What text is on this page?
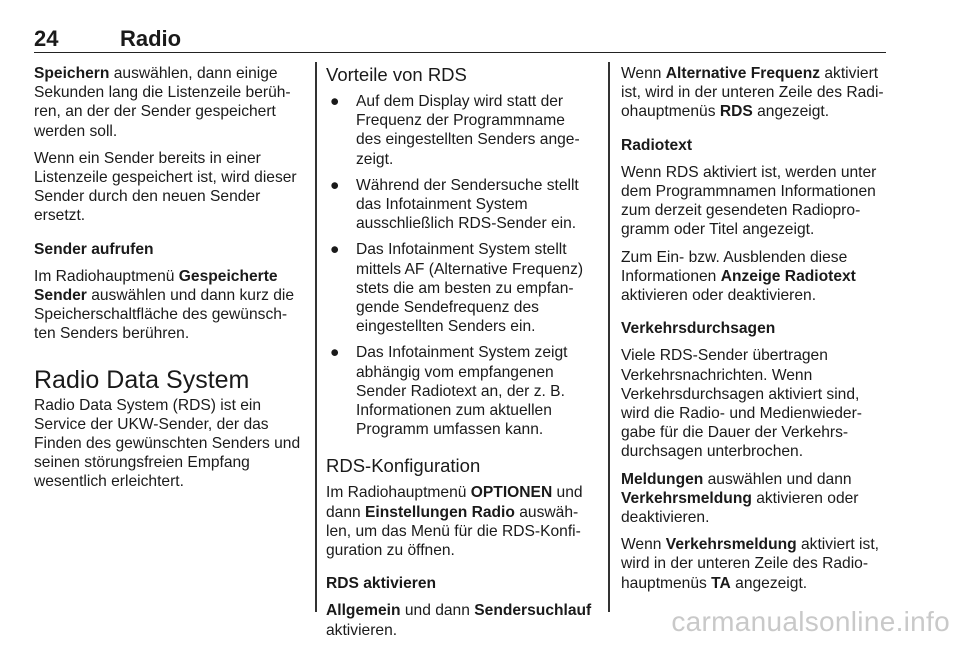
24	Radio

Speichern auswählen, dann einige Sekunden lang die Listenzeile berühren, an der der Sender gespeichert werden soll.

Wenn ein Sender bereits in einer Listenzeile gespeichert ist, wird dieser Sender durch den neuen Sender ersetzt.

Sender aufrufen

Im Radiohauptmenü Gespeicherte Sender auswählen und dann kurz die Speicherschaltfläche des gewünschten Senders berühren.

Radio Data System

Radio Data System (RDS) ist ein Service der UKW-Sender, der das Finden des gewünschten Senders und seinen störungsfreien Empfang wesentlich erleichtert.

Vorteile von RDS
● Auf dem Display wird statt der Frequenz der Programmname des eingestellten Senders angezeigt.
● Während der Sendersuche stellt das Infotainment System ausschließlich RDS-Sender ein.
● Das Infotainment System stellt mittels AF (Alternative Frequenz) stets die am besten zu empfangende Sendefrequenz des eingestellten Senders ein.
● Das Infotainment System zeigt abhängig vom empfangenen Sender Radiotext an, der z. B. Informationen zum aktuellen Programm umfassen kann.
RDS-Konfiguration

Im Radiohauptmenü OPTIONEN und dann Einstellungen Radio auswählen, um das Menü für die RDS-Konfiguration zu öffnen.

RDS aktivieren

Allgemein und dann Sendersuchlauf aktivieren.

Wenn Alternative Frequenz aktiviert ist, wird in der unteren Zeile des Radiohauptmenüs RDS angezeigt.

Radiotext

Wenn RDS aktiviert ist, werden unter dem Programmnamen Informationen zum derzeit gesendeten Radioprogramm oder Titel angezeigt.

Zum Ein- bzw. Ausblenden diese Informationen Anzeige Radiotext aktivieren oder deaktivieren.

Verkehrsdurchsagen

Viele RDS-Sender übertragen Verkehrsnachrichten. Wenn Verkehrsdurchsagen aktiviert sind, wird die Radio- und Medienwiedergabe für die Dauer der Verkehrsdurchsagen unterbrochen.

Meldungen auswählen und dann Verkehrsmeldung aktivieren oder deaktivieren.

Wenn Verkehrsmeldung aktiviert ist, wird in der unteren Zeile des Radiohauptmenüs TA angezeigt.

carmanualsonline.info
